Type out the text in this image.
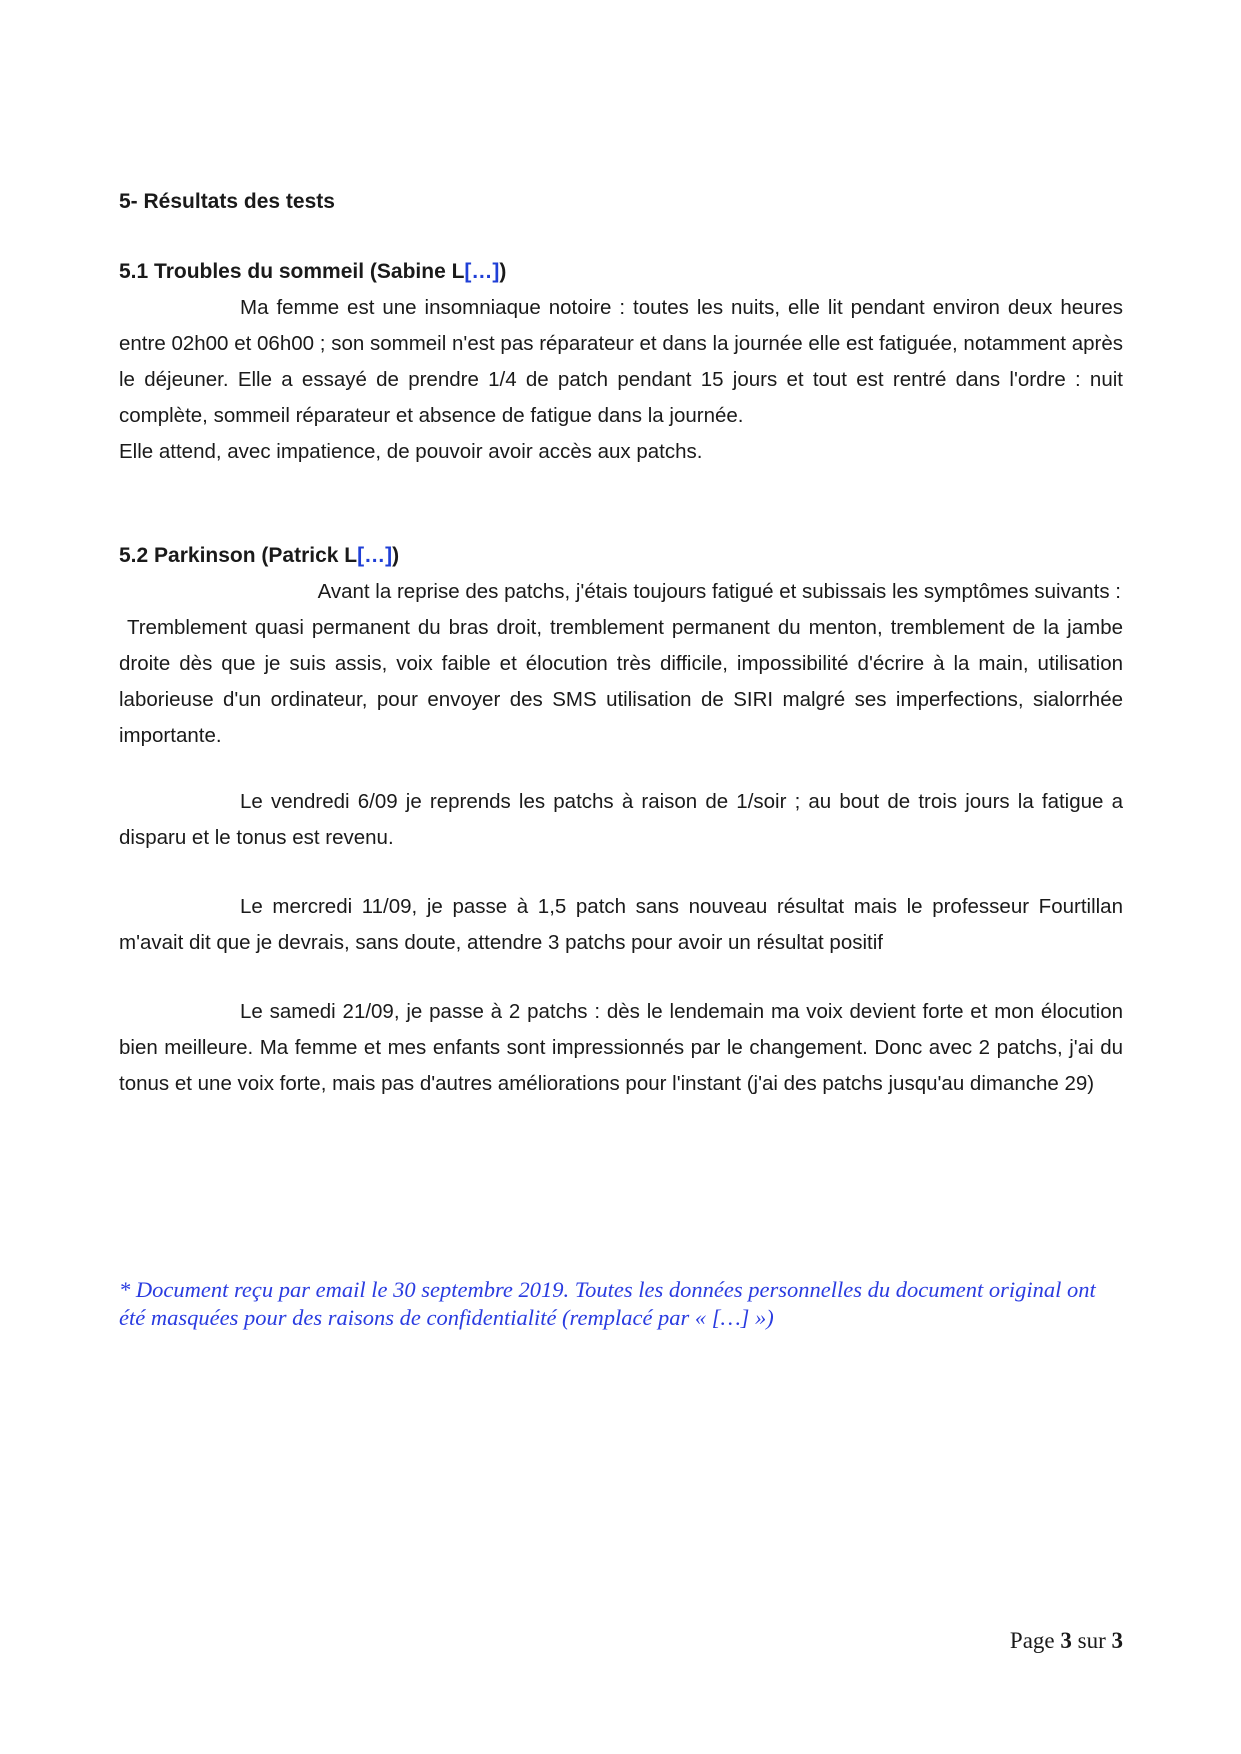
5- Résultats des tests
5.1 Troubles du sommeil (Sabine L[…])
Ma femme est une insomniaque notoire : toutes les nuits, elle lit pendant environ deux heures entre 02h00 et 06h00 ; son sommeil n'est pas réparateur et dans la journée elle est fatiguée, notamment après le déjeuner. Elle a essayé de prendre 1/4 de patch pendant 15 jours et tout est rentré dans l'ordre : nuit complète, sommeil réparateur et absence de fatigue dans la journée.
Elle attend, avec impatience, de pouvoir avoir accès aux patchs.
5.2 Parkinson (Patrick L[…])
Avant la reprise des patchs, j'étais toujours fatigué et subissais les symptômes suivants :
Tremblement quasi permanent du bras droit, tremblement permanent du menton, tremblement de la jambe droite dès que je suis assis, voix faible et élocution très difficile, impossibilité d'écrire à la main, utilisation laborieuse d'un ordinateur, pour envoyer des SMS utilisation de SIRI malgré ses imperfections, sialorrhée importante.
Le vendredi 6/09 je reprends les patchs à raison de 1/soir ; au bout de trois jours la fatigue a disparu et le tonus est revenu.
Le mercredi 11/09, je passe à 1,5 patch sans nouveau résultat mais le professeur Fourtillan m'avait dit que je devrais, sans doute, attendre 3 patchs pour avoir un résultat positif
Le samedi 21/09, je passe à 2 patchs : dès le lendemain ma voix devient forte et mon élocution bien meilleure. Ma femme et mes enfants sont impressionnés par le changement. Donc avec 2 patchs, j'ai du tonus et une voix forte, mais pas d'autres améliorations pour l'instant (j'ai des patchs jusqu'au dimanche 29)
* Document reçu par email le 30 septembre 2019. Toutes les données personnelles du document original ont été masquées pour des raisons de confidentialité (remplacé par « […] »)
Page 3 sur 3
